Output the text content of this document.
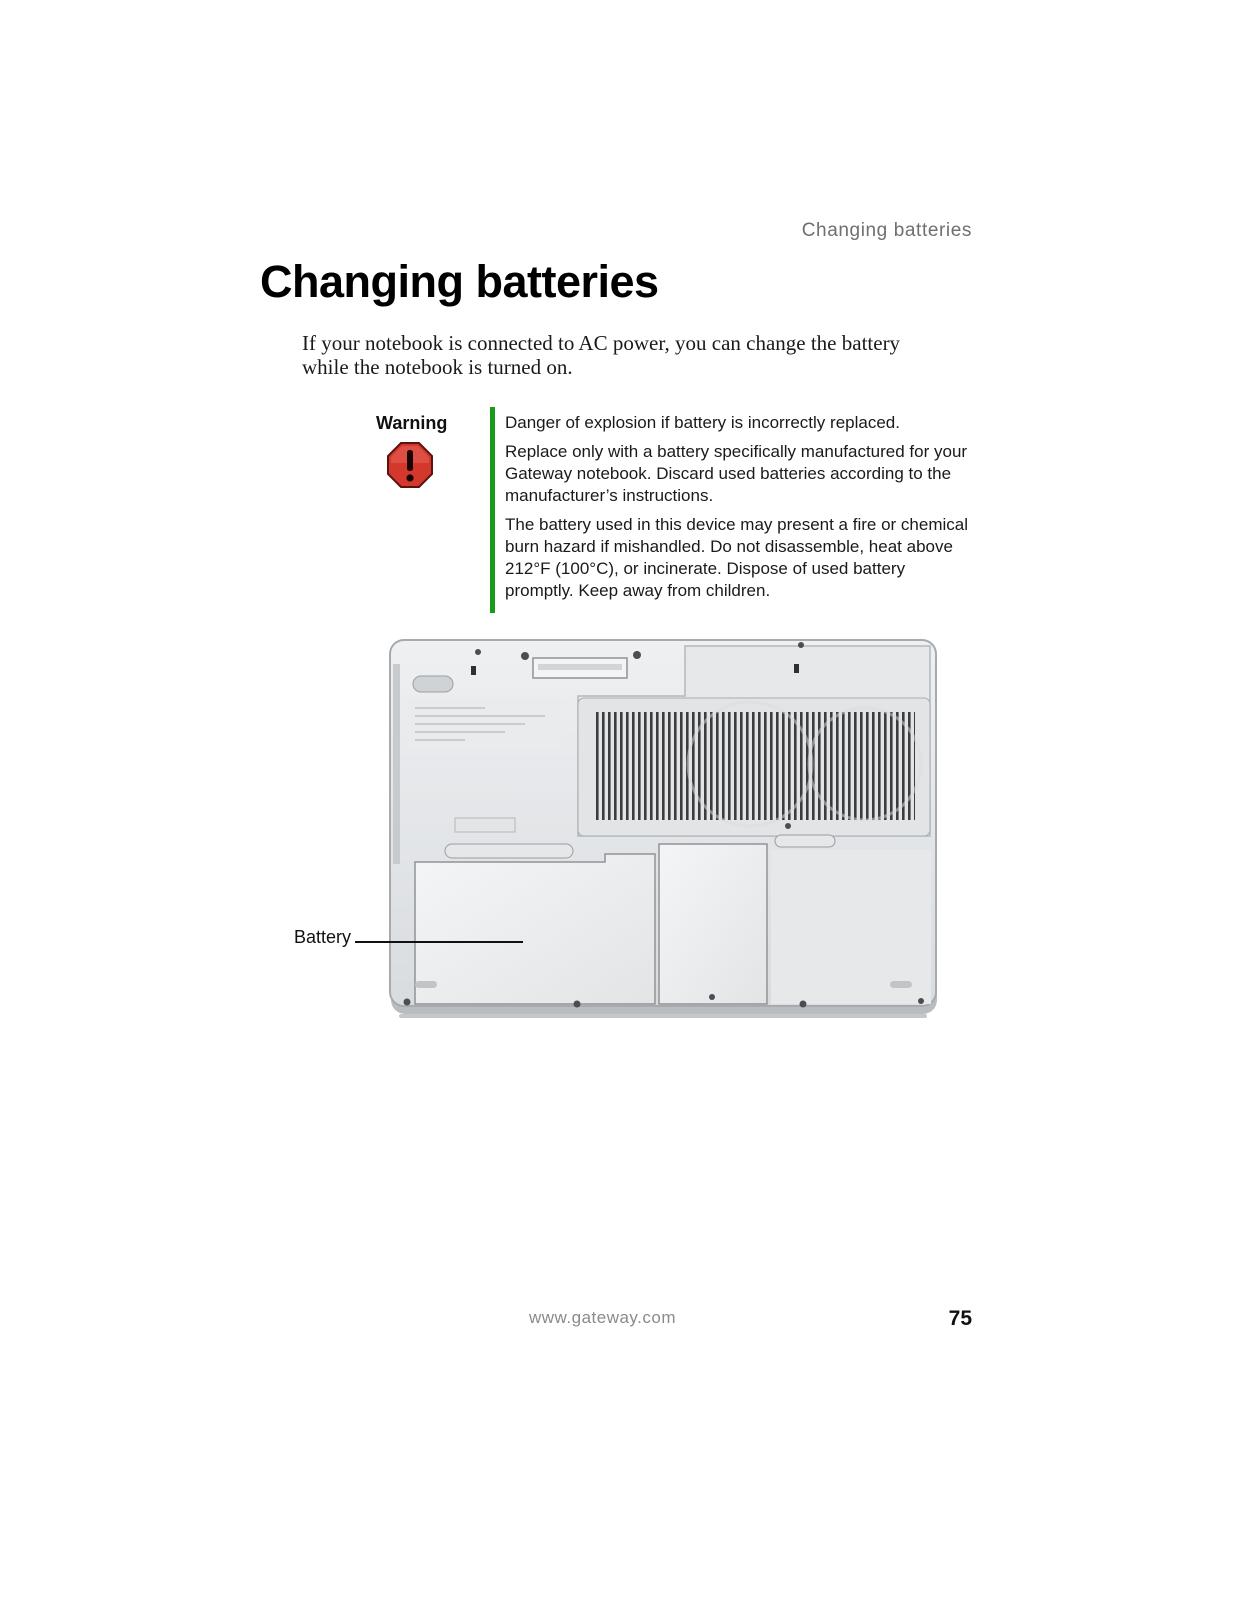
Changing batteries
Changing batteries
If your notebook is connected to AC power, you can change the battery
while the notebook is turned on.
Warning	Danger of explosion if battery is incorrectly replaced.

Replace only with a battery specifically manufactured for your Gateway notebook. Discard used batteries according to the manufacturer’s instructions.

The battery used in this device may present a fire or chemical burn hazard if mishandled. Do not disassemble, heat above 212°F (100°C), or incinerate. Dispose of used battery promptly. Keep away from children.

Battery
www.gateway.com	75
